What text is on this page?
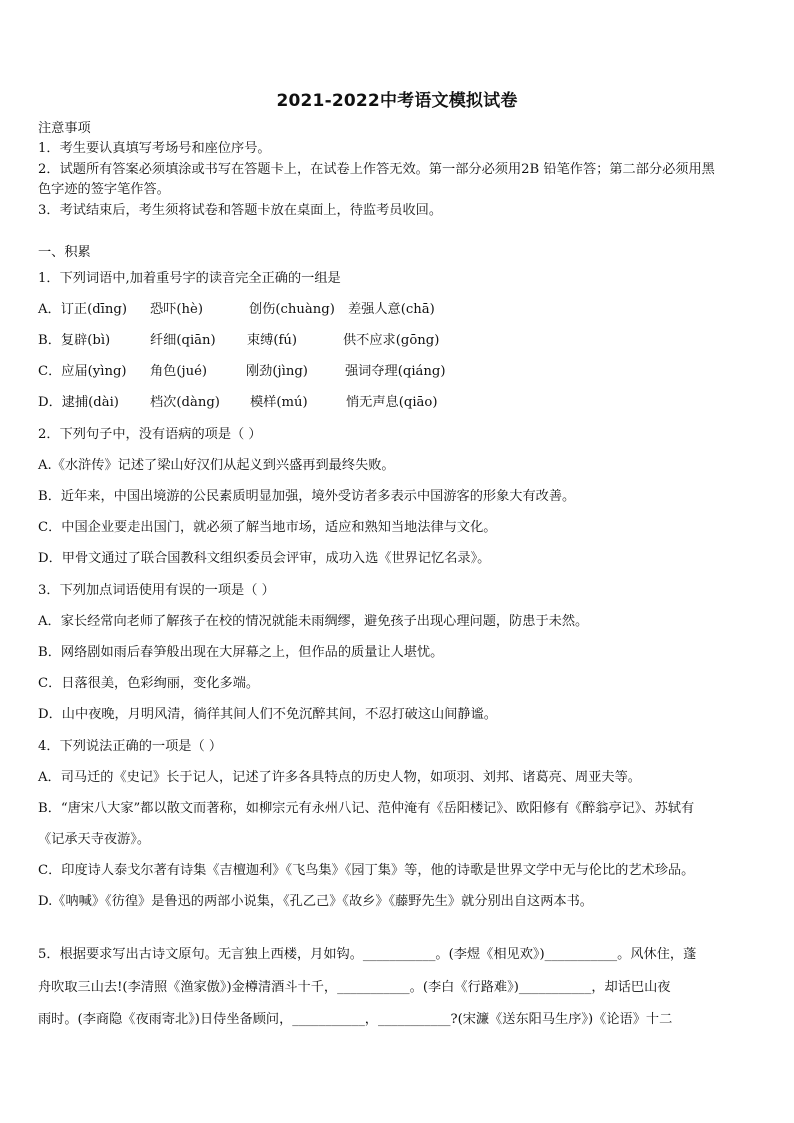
2021-2022中考语文模拟试卷
注意事项
1．考生要认真填写考场号和座位序号。
2．试题所有答案必须填涂或书写在答题卡上，在试卷上作答无效。第一部分必须用2B 铅笔作答；第二部分必须用黑
色字迹的签字笔作答。
3．考试结束后，考生须将试卷和答题卡放在桌面上，待监考员收回。
一、积累
1．下列词语中,加着重号字的读音完全正确的一组是
A．订正(dīng) 恐吓(hè)	创伤(chuàng) 差强人意(chā)
B．复辟(bì)	纤细(qiān) 束缚(fú)	供不应求(gōng)
C．应届(yìng) 角色(jué)	刚劲(jìng)	强词夺理(qiáng)
D．逮捕(dài) 档次(dàng) 模样(mú)	悄无声息(qiāo)
2．下列句子中，没有语病的项是（ ）
A.《水浒传》记述了梁山好汉们从起义到兴盛再到最终失败。
B．近年来，中国出境游的公民素质明显加强，境外受访者多表示中国游客的形象大有改善。
C．中国企业要走出国门，就必须了解当地市场，适应和熟知当地法律与文化。
D．甲骨文通过了联合国教科文组织委员会评审，成功入选《世界记忆名录》。
3．下列加点词语使用有误的一项是（ ）
A．家长经常向老师了解孩子在校的情况就能未雨绸缪，避免孩子出现心理问题，防患于未然。
B．网络剧如雨后春笋般出现在大屏幕之上，但作品的质量让人堪忧。
C．日落很美，色彩绚丽，变化多端。
D．山中夜晚，月明风清，徜徉其间人们不免沉醉其间，不忍打破这山间静谧。
4．下列说法正确的一项是（ ）
A．司马迁的《史记》长于记人，记述了许多各具特点的历史人物，如项羽、刘邦、诸葛亮、周亚夫等。
B．“唐宋八大家”都以散文而著称，如柳宗元有永州八记、范仲淹有《岳阳楼记》、欧阳修有《醉翁亭记》、苏轼有
《记承天寺夜游》。
C．印度诗人泰戈尔著有诗集《吉檀迦利》《飞鸟集》《园丁集》等，他的诗歌是世界文学中无与伦比的艺术珍品。
D.《呐喊》《彷徨》是鲁迅的两部小说集，《孔乙己》《故乡》《藤野先生》就分别出自这两本书。
5．根据要求写出古诗文原句。无言独上西楼，月如钩。___________。(李煜《相见欢》)___________。风休住，蓬
舟吹取三山去!(李清照《渔家傲》)金樽清酒斗十千，___________。(李白《行路难》)___________，却话巴山夜
雨时。(李商隐《夜雨寄北》)日侍坐备顾问，___________，___________?(宋濂《送东阳马生序》)《论语》十二
